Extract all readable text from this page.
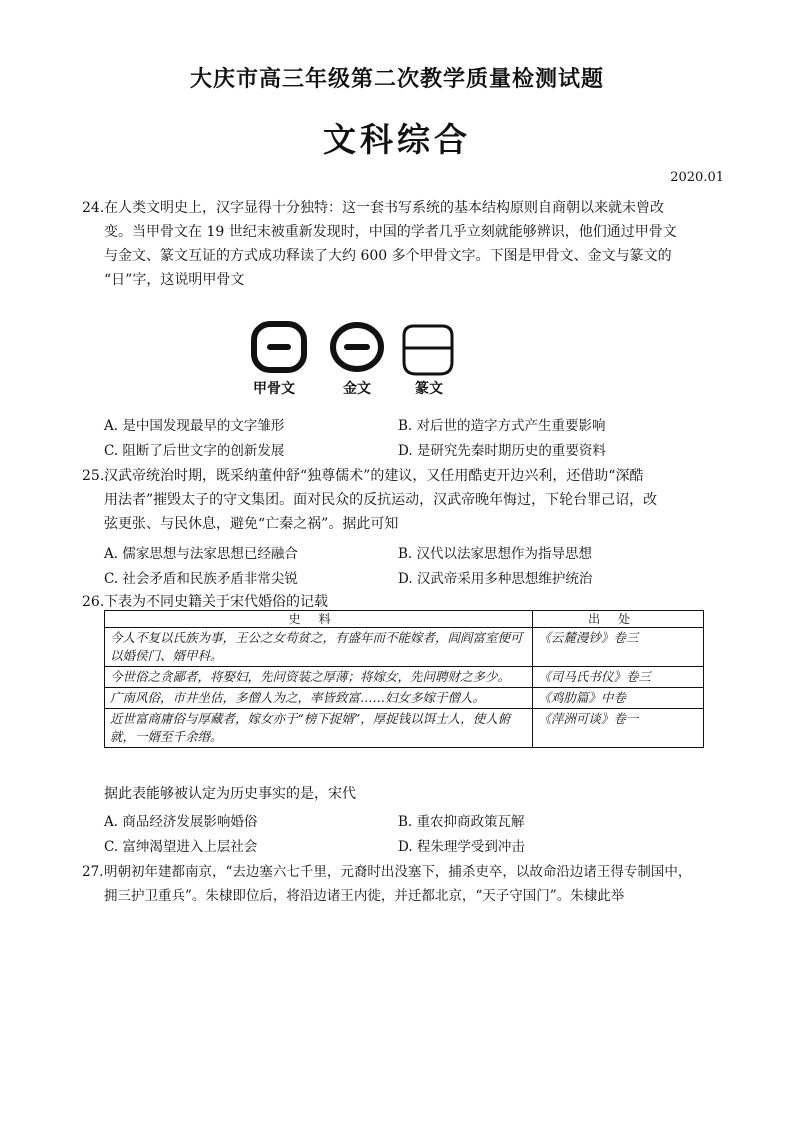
大庆市高三年级第二次教学质量检测试题
文科综合
2020.01
24. 在人类文明史上，汉字显得十分独特：这一套书写系统的基本结构原则自商朝以来就未曾改
变。当甲骨文在 19 世纪末被重新发现时，中国的学者几乎立刻就能够辨识，他们通过甲骨文
与金文、篆文互证的方式成功释读了大约 600 多个甲骨文字。下图是甲骨文、金文与篆文的
“日”字，这说明甲骨文
甲骨文	金文	篆文
A. 是中国发现最早的文字雏形	B. 对后世的造字方式产生重要影响
C. 阻断了后世文字的创新发展	D. 是研究先秦时期历史的重要资料
25. 汉武帝统治时期，既采纳董仲舒“独尊儒术”的建议，又任用酷吏开边兴利，还借助“深酷
用法者”摧毁太子的守文集团。面对民众的反抗运动，汉武帝晚年悔过，下轮台罪己诏，改
弦更张、与民休息，避免“亡秦之祸”。据此可知
A. 儒家思想与法家思想已经融合	B. 汉代以法家思想作为指导思想
C. 社会矛盾和民族矛盾非常尖锐	D. 汉武帝采用多种思想维护统治
26. 下表为不同史籍关于宋代婚俗的记载
史料	出处
今人不复以氏族为事，王公之女苟贫之，有盛年而不能嫁者，闾阎富室便可以婚侯门、婿甲科。	《云麓漫钞》卷三
今世俗之贪鄙者，将娶妇，先问资装之厚薄；将嫁女，先问聘财之多少。	《司马氏书仪》卷三
广南风俗，市井坐估，多僧人为之，率皆致富……妇女多嫁于僧人。	《鸡肋篇》中卷
近世富商庸俗与厚藏者，嫁女亦于“榜下捉婿”，厚捉钱以饵士人，使人俯就，一婿至千余缗。	《萍洲可谈》卷一
据此表能够被认定为历史事实的是，宋代
A. 商品经济发展影响婚俗	B. 重农抑商政策瓦解
C. 富绅渴望进入上层社会	D. 程朱理学受到冲击
27. 明朝初年建都南京，“去边塞六七千里，元裔时出没塞下，捕杀吏卒，以故命沿边诸王得专制国中，
拥三护卫重兵”。朱棣即位后，将沿边诸王内徙，并迁都北京，“天子守国门”。朱棣此举
